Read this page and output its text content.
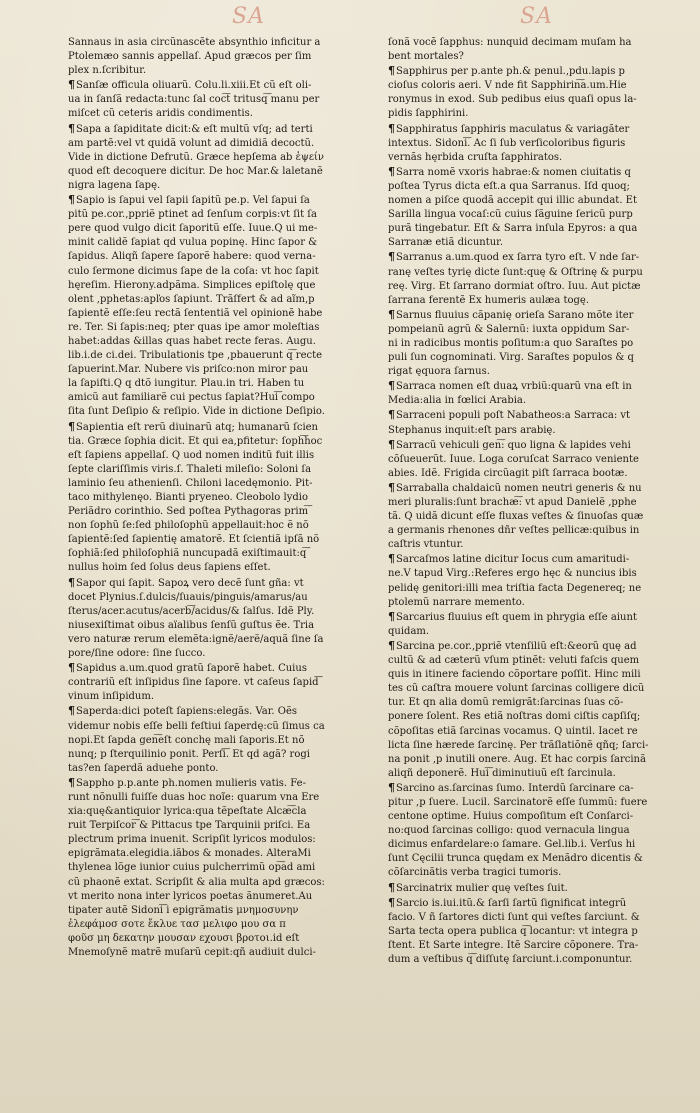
SA	SA
Sannaus in asia circũnascẽte absynthio inficitur a
Ptolemæo sannis appellaſ. Apud græcos per ſim
plex n.ſcribitur.
¶Sanſæ officula oliuarũ. Colu.li.xiii.Et cũ eſt oli-
ua in ſanſã redacta:tunc ſal coc͠t tritusq͠ manu per
miſcet cũ ceteris aridis condimentis.
¶Sapa a ſapiditate dicit:& eſt multũ vſq; ad terti
am partẽ:vel vt quidã volunt ad dimidiã decoctũ.
Vide in dictione Defrutũ. Græce hepſema ab ἑψείν
quod eſt decoquere dicitur. De hoc Mar.& laletanẽ
nigra lagena ſapę.
¶Sapio is ſapui vel ſapii ſapitũ pe.p. Vel ſapui ſa
pitũ pe.cor.,ppriẽ ptinet ad ſenſum corpis:vt ſit ſa
pere quod vulgo dicit ſaporitũ eſſe. Iuue.Q ui me-
minit calidẽ ſapiat qd vulua popinę. Hinc ſapor &
ſapidus. Aliqñ ſapere ſaporẽ habere: quod verna-
culo ſermone dicimus ſape de la coſa: vt hoc ſapit
hęreſim. Hierony.adpãma. Simplices epiſtolę que
olent ,pphetas:apľos ſapiunt. Trãſfert & ad aĩm,p
ſapientẽ eſſe:ſeu rectã ſententiã vel opinionẽ habe
re. Ter. Si ſapis:neq; pter quas ipe amor moleſtias
habet:addas &illas quas habet recte feras. Augu.
lib.i.de ci.dei. Tribulationis tpe ,pbauerunt q͠ recte
ſapuerint.Mar. Nubere vis priſco:non miror pau
la ſapiſti.Q q dtõ iungitur. Plau.in tri. Haben tu
amicũ aut familiarẽ cui pectus ſapiat?Hui͠ compo
ſita ſunt Deſipio & reſipio. Vide in dictione Deſipio.
¶Sapientia eſt rerũ diuinarũ atq; humanarũ ſcien
tia. Græce ſophia dicit. Et qui ea,pfitetur: ſoph͠hoc
eſt ſapiens appellaſ. Q uod nomen inditũ fuit illis
ſepte clariſſimis viris.ſ. Thaleti mileſio: Soloni ſa
laminio ſeu athenienſi. Chiloni lacedęmonio. Pit-
taco mithylenęo. Bianti pryeneo. Cleobolo lydio
Periãdro corinthio. Sed poſtea Pythagoras prim͠
non ſophũ ſe:ſed philoſophũ appellauit:hoc ẽ nõ
ſapientẽ:ſed ſapientię amatorẽ. Et ſcientiã ipſã nõ
ſophiã:ſed philoſophiã nuncupadã exiſtimauit:q͠
nullus hoim ſed ſolus deus ſapiens eſſet.
¶Sapor qui ſapit. Sapoꝝ vero decẽ ſunt gña: vt
docet Plynius.ſ.dulcis/ſuauis/pinguis/amarus/au
ſterus/acer.acutus/acerb͠/acidus/& ſalſus. Idẽ Ply.
niusexiſtimat oibus aïalibus ſenſũ guſtus ẽe. Tria
vero naturæ rerum elemẽta:ignẽ/aerẽ/aquã ſine ſa
pore/ſine odore: ſine ſucco.
¶Sapidus a.um.quod gratũ ſaporẽ habet. Cuius
contrariũ eſt inſipidus ſine ſapore. vt caſeus ſapid͠
vinum inſipidum.
¶Saperda:dici poteſt ſapiens:elegãs. Var. Oẽs
videmur nobis eſſe belli feſtiui ſaperdę:cũ ſimus ca
nopi.Et ſapda gen͠eſt conchę mali ſaporis.Et nõ
nunq; p ſterquilinio ponit. Perſi͠. Et qd agã? rogi
tas?en ſaperdã aduehe ponto.
¶Sappho p.p.ante ph.nomen mulieris vatis. Fe-
runt nõnulli fuiſſe duas hoc noĩe: quarum vna Ere
xia:quę&antiquior lyrica:qua tẽpeſtate Alcæ͠cla
ruit Terpiſcor͠ & Pittacus tpe Tarquinii priſci. Ea
plectrum prima inuenit. Scripſit lyricos modulos:
epigrãmata.elegidia.iãbos & monades. AlteraMi
thylenea lõge iunior cuius pulcherrimũ op͠ad ami
cũ phaonẽ extat. Scripſit & alia multa apd græcos:
vt merito nona inter lyricos poetas ãnumeret.Au
tipater autẽ Sidoni͠ i epigrãmatis μνημοσυνην
ἐλεφάμοσ σοτε ἔκλυε τασ μελιφο μου σα π
φοῦσ μη δεκατην μουσαν εχουσι βροτοι.id eſt
Mnemoſynẽ matrẽ muſarũ cepit:qñ audiuit dulci-
ſonã vocẽ ſapphus: nunquid decimam muſam ha
bent mortales?
¶Sapphirus per p.ante ph.& penul.,pdu.lapis p
cioſus coloris aeri. V nde fit Sapphirin͠a.um.Hie
ronymus in exod. Sub pedibus eius quaſi opus la-
pidis ſapphirini.
¶Sapphiratus ſapphiris maculatus & variagãter
intextus. Sidoni͠. Ac ſi ſub verſicoloribus figuris
vernãs hęrbida cruſta ſapphiratos.
¶Sarra nomẽ vxoris habrae:& nomen ciuitatis q
poſtea Tyrus dicta eſt.a qua Sarranus. Iſd quoq;
nomen a piſce quodã accepit qui illic abundat. Et
Sarilla lingua vocaſ:cũ cuius ſãguine ſericũ purp
purã tingebatur. Eſt & Sarra inſula Epyros: a qua
Sarranæ etiã dicuntur.
¶Sarranus a.um.quod ex ſarra tyro eſt. V nde ſar-
ranę veſtes tyrię dicte ſunt:quę & Oſtrinę & purpu
reę. Virg. Et ſarrano dormiat oſtro. Iuu. Aut pictæ
ſarrana ferentẽ Ex humeris aulæa togę.
¶Sarnus fluuius cãpanię orieſa Sarano mõte iter
pompeianũ agrũ & Salernũ: iuxta oppidum Sar-
ni in radicibus montis poſitum:a quo Saraſtes po
puli ſun cognominati. Virg. Saraſtes populos & q
rigat ęquora ſarnus.
¶Sarraca nomen eſt duaꝝ vrbiũ:quarũ vna eſt in
Media:alia in fœlici Arabia.
¶Sarraceni populi poſt Nabatheos:a Sarraca: vt
Stephanus inquit:eſt pars arabię.
¶Sarracũ vehiculi gen͠: quo ligna & lapides vehi
cõſueuerũt. Iuue. Loga coruſcat Sarraco veniente
abies. Idẽ. Frigida circũagit piſt ſarraca bootæ.
¶Sarraballa chaldaicũ nomen neutri generis & nu
meri pluralis:ſunt brachæ͠: vt apud Danielẽ ,pphe
tã. Q uidã dicunt eſſe fluxas veſtes & ſinuoſas quæ
a germanis rhenones dñr veſtes pellicæ:quibus in
caſtris vtuntur.
¶Sarcaſmos latine dicitur Iocus cum amaritudi-
ne.V tapud Virg.:Referes ergo hęc & nuncius ibis
pelidę genitori:illi mea triſtia facta Degenereq; ne
ptolemũ narrare memento.
¶Sarcarius fluuius eſt quem in phrygia eſſe aiunt
quidam.
¶Sarcina pe.cor.,ppriẽ vtenſiliũ eſt:&eorũ quę ad
cultũ & ad cæterũ vſum ptinẽt: veluti faſcis quem
quis in itinere faciendo cõportare poſſit. Hinc mili
tes cũ caſtra mouere volunt ſarcinas colligere dicũ
tur. Et qn alia domũ remigrãt:ſarcinas ſuas cõ-
ponere ſolent. Res etiã noſtras domi ciſtis capſiſq;
cõpoſitas etiã ſarcinas vocamus. Q uintil. Iacet re
licta ſine hærede ſarcinę. Per trãſlatiõnẽ qñq; ſarci-
na ponit ,p inutili onere. Aug. Et hac corpis ſarcinã
aliqñ deponerẽ. Hui͠ diminutiuũ eſt ſarcinula.
¶Sarcino as.ſarcinas ſumo. Interdũ ſarcinare ca-
pitur ,p ſuere. Lucil. Sarcinatorẽ eſſe ſummũ: fuere
centone optime. Huius compoſitum eſt Conſarci-
no:quod ſarcinas colligo: quod vernacula lingua
dicimus enfardelare:o ſamare. Gel.lib.i. Verſus hi
ſunt Cęcilii trunca quędam ex Menãdro dicentis &
cõſarcinãtis verba tragici tumoris.
¶Sarcinatrix mulier quę veſtes ſuit.
¶Sarcio is.iui.itũ.& ſarſi ſartũ ſignificat integrũ
facio. V ñ ſartores dicti ſunt qui veſtes ſarciunt. &
Sarta tecta opera publica q͠ locantur: vt integra p
ſtent. Et Sarte integre. Itẽ Sarcire cõponere. Tra-
dum a veſtibus q͠ diſſutę ſarciunt.i.componuntur.
